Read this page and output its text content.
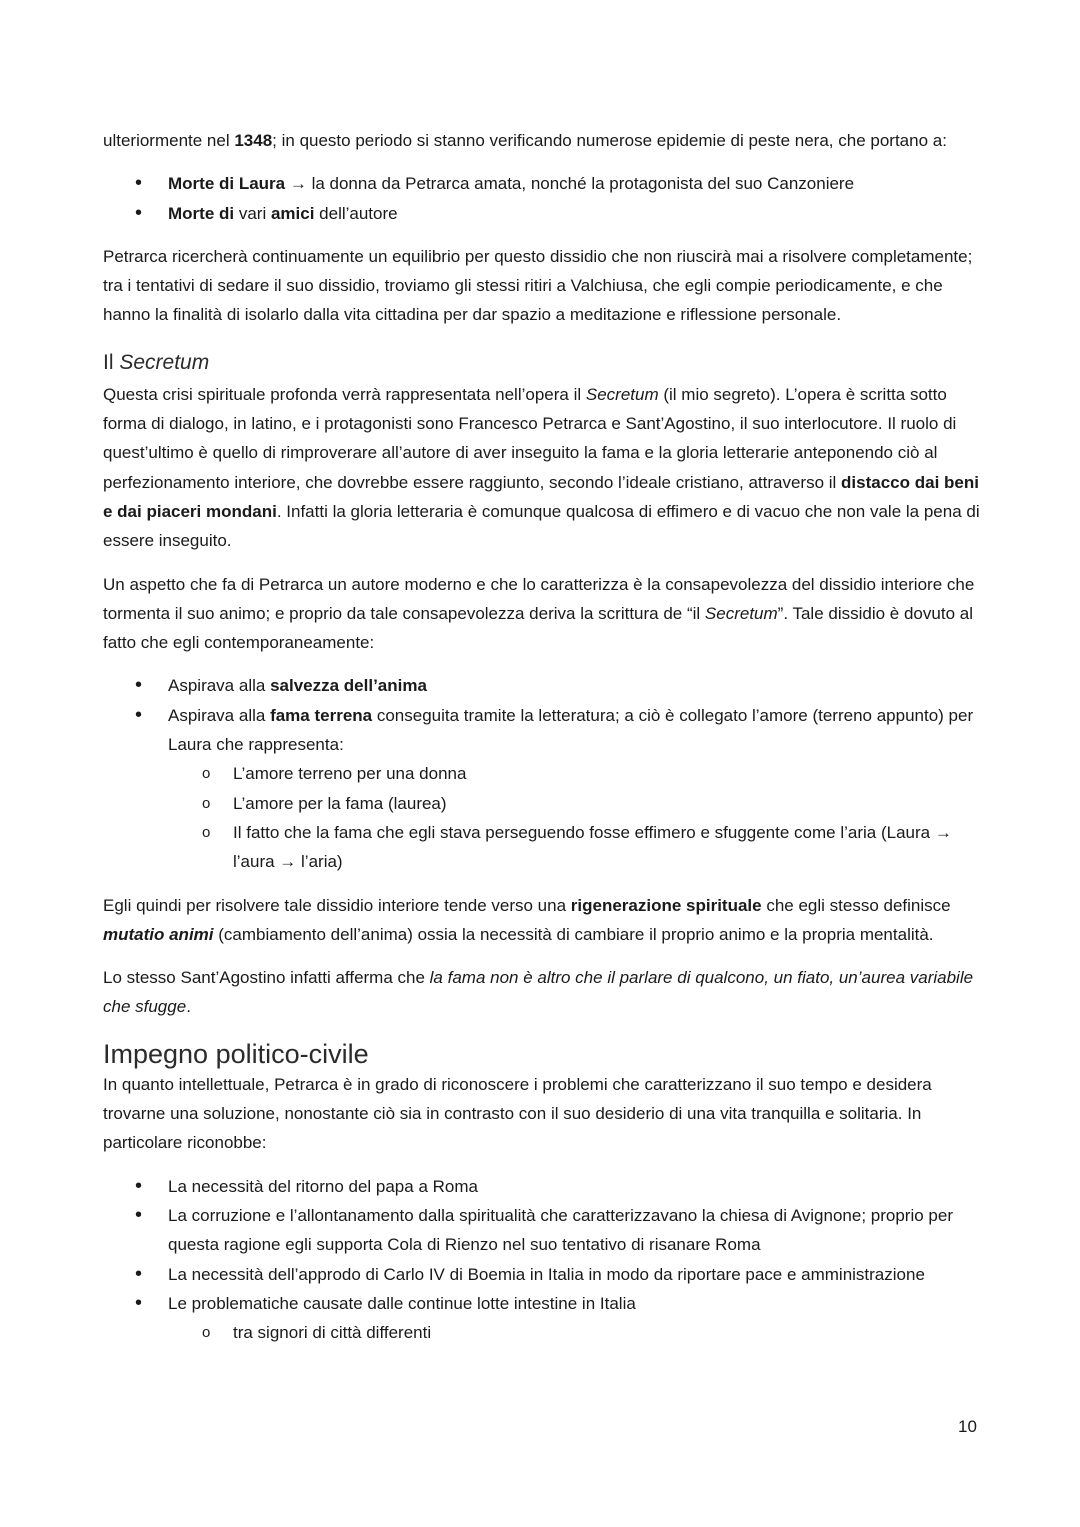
ulteriormente nel 1348; in questo periodo si stanno verificando numerose epidemie di peste nera, che portano a:

• Morte di Laura → la donna da Petrarca amata, nonché la protagonista del suo Canzoniere
• Morte di vari amici dell’autore

Petrarca ricercherà continuamente un equilibrio per questo dissidio che non riuscirà mai a risolvere completamente; tra i tentativi di sedare il suo dissidio, troviamo gli stessi ritiri a Valchiusa, che egli compie periodicamente, e che hanno la finalità di isolarlo dalla vita cittadina per dar spazio a meditazione e riflessione personale.

Il Secretum

Questa crisi spirituale profonda verrà rappresentata nell’opera il Secretum (il mio segreto). L’opera è scritta sotto forma di dialogo, in latino, e i protagonisti sono Francesco Petrarca e Sant’Agostino, il suo interlocutore. Il ruolo di quest’ultimo è quello di rimproverare all’autore di aver inseguito la fama e la gloria letterarie anteponendo ciò al perfezionamento interiore, che dovrebbe essere raggiunto, secondo l’ideale cristiano, attraverso il distacco dai beni e dai piaceri mondani. Infatti la gloria letteraria è comunque qualcosa di effimero e di vacuo che non vale la pena di essere inseguito.

Un aspetto che fa di Petrarca un autore moderno e che lo caratterizza è la consapevolezza del dissidio interiore che tormenta il suo animo; e proprio da tale consapevolezza deriva la scrittura de “il Secretum”. Tale dissidio è dovuto al fatto che egli contemporaneamente:

• Aspirava alla salvezza dell’anima
• Aspirava alla fama terrena conseguita tramite la letteratura; a ciò è collegato l’amore (terreno appunto) per Laura che rappresenta:
o L’amore terreno per una donna
o L’amore per la fama (laurea)
o Il fatto che la fama che egli stava perseguendo fosse effimero e sfuggente come l’aria (Laura → l’aura → l’aria)

Egli quindi per risolvere tale dissidio interiore tende verso una rigenerazione spirituale che egli stesso definisce mutatio animi (cambiamento dell’anima) ossia la necessità di cambiare il proprio animo e la propria mentalità.

Lo stesso Sant’Agostino infatti afferma che la fama non è altro che il parlare di qualcono, un fiato, un’aurea variabile che sfugge.

Impegno politico-civile

In quanto intellettuale, Petrarca è in grado di riconoscere i problemi che caratterizzano il suo tempo e desidera trovarne una soluzione, nonostante ciò sia in contrasto con il suo desiderio di una vita tranquilla e solitaria. In particolare riconobbe:

• La necessità del ritorno del papa a Roma
• La corruzione e l’allontanamento dalla spiritualità che caratterizzavano la chiesa di Avignone; proprio per questa ragione egli supporta Cola di Rienzo nel suo tentativo di risanare Roma
• La necessità dell’approdo di Carlo IV di Boemia in Italia in modo da riportare pace e amministrazione
• Le problematiche causate dalle continue lotte intestine in Italia
o tra signori di città differenti
10
